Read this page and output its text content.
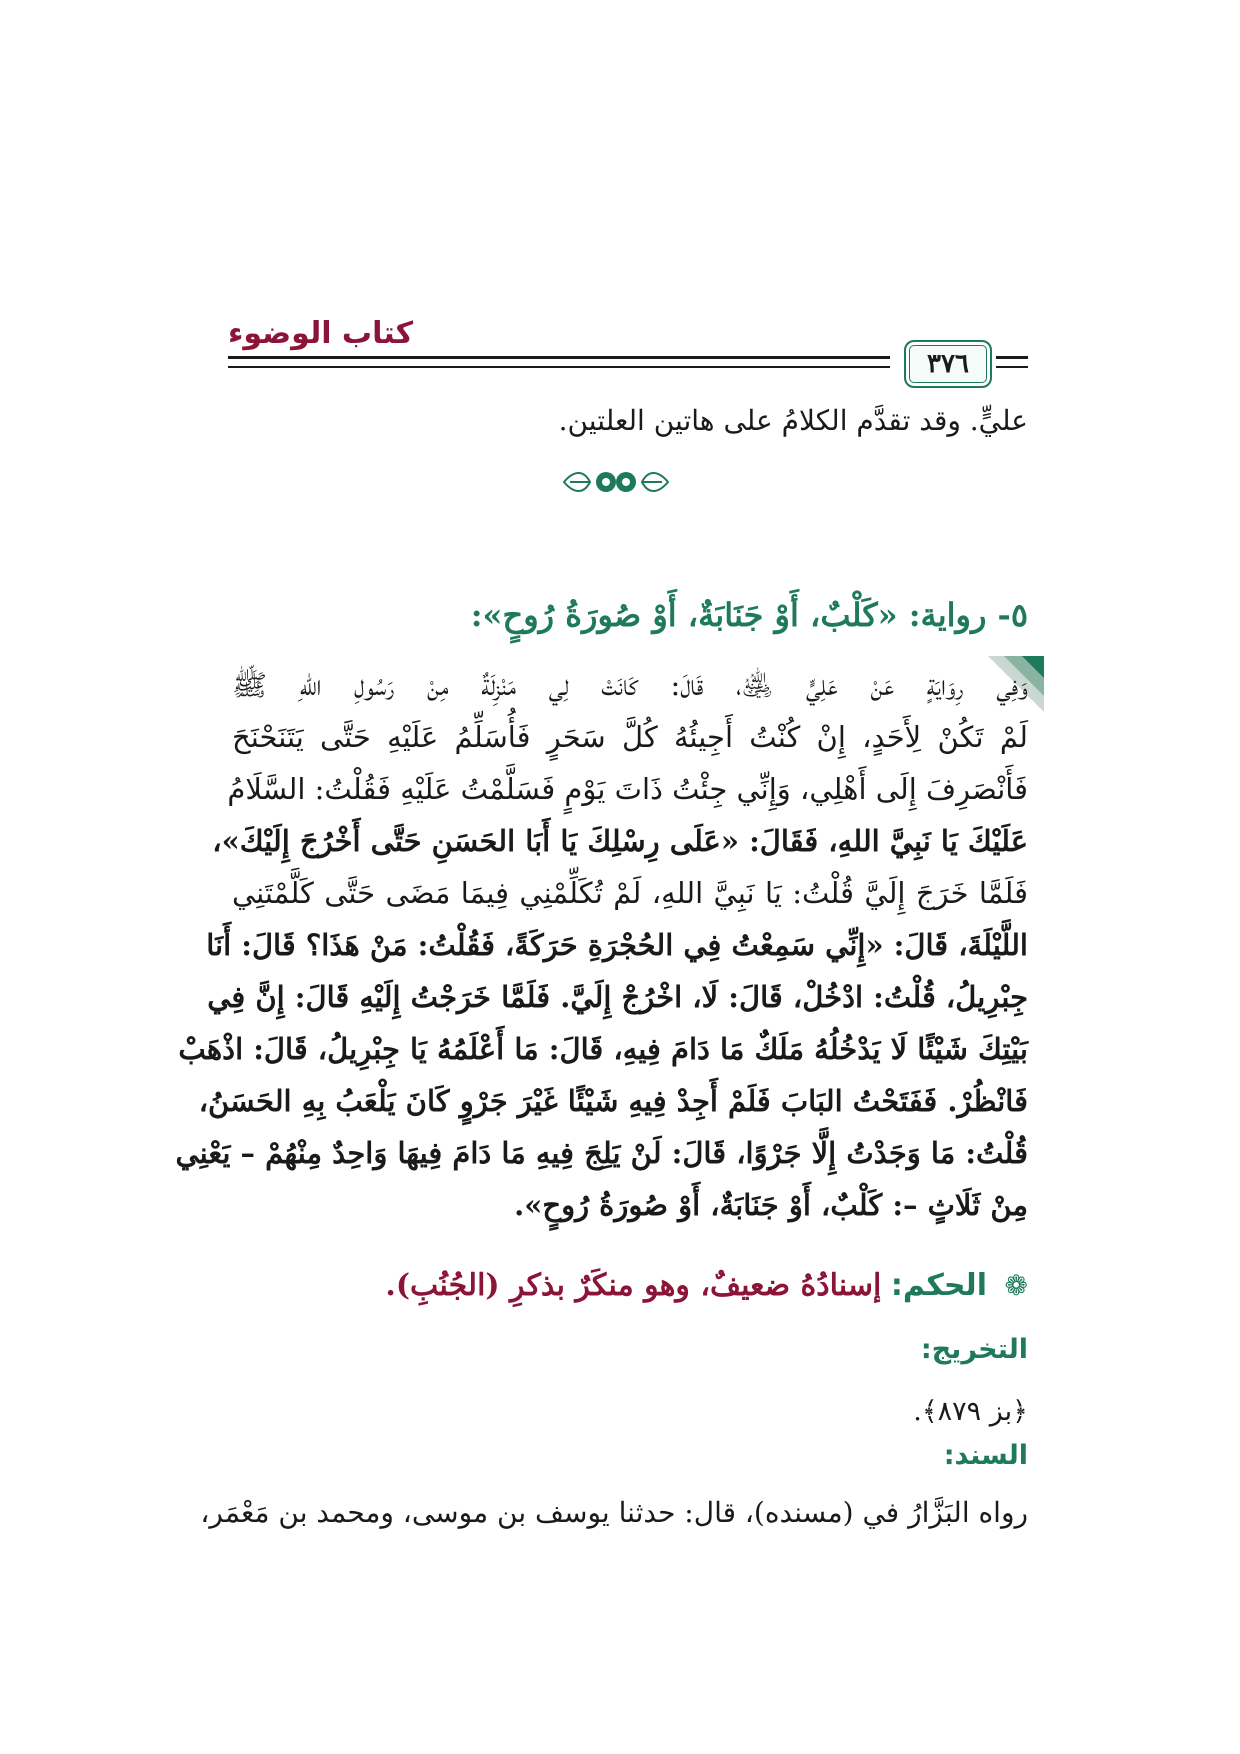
كتاب الوضوء
٣٧٦
عليٍّ. وقد تقدَّم الكلامُ على هاتين العلتين.
٥- رواية: «كَلْبٌ، أَوْ جَنَابَةٌ، أَوْ صُورَةُ رُوحٍ»:
وَفِي رِوَايَةٍ عَنْ عَلِيٍّ ﵁، قَالَ: كَانَتْ لِي مَنْزِلَةٌ مِنْ رَسُولِ اللهِ ﷺ
لَمْ تَكُنْ لِأَحَدٍ، إِنْ كُنْتُ أَجِيئُهُ كُلَّ سَحَرٍ فَأُسَلِّمُ عَلَيْهِ حَتَّى يَتَنَحْنَحَ
فَأَنْصَرِفَ إِلَى أَهْلِي، وَإِنِّي جِئْتُ ذَاتَ يَوْمٍ فَسَلَّمْتُ عَلَيْهِ فَقُلْتُ: السَّلَامُ
عَلَيْكَ يَا نَبِيَّ اللهِ، فَقَالَ: «عَلَى رِسْلِكَ يَا أَبَا الحَسَنِ حَتَّى أَخْرُجَ إِلَيْكَ»،
فَلَمَّا خَرَجَ إِلَيَّ قُلْتُ: يَا نَبِيَّ اللهِ، لَمْ تُكَلِّمْنِي فِيمَا مَضَى حَتَّى كَلَّمْتَنِي
اللَّيْلَةَ، قَالَ: «إِنِّي سَمِعْتُ فِي الحُجْرَةِ حَرَكَةً، فَقُلْتُ: مَنْ هَذَا؟ قَالَ: أَنَا
جِبْرِيلُ، قُلْتُ: ادْخُلْ، قَالَ: لَا، اخْرُجْ إِلَيَّ. فَلَمَّا خَرَجْتُ إِلَيْهِ قَالَ: إِنَّ فِي
بَيْتِكَ شَيْئًا لَا يَدْخُلُهُ مَلَكٌ مَا دَامَ فِيهِ، قَالَ: مَا أَعْلَمُهُ يَا جِبْرِيلُ، قَالَ: اذْهَبْ
فَانْظُرْ. فَفَتَحْتُ البَابَ فَلَمْ أَجِدْ فِيهِ شَيْئًا غَيْرَ جَرْوٍ كَانَ يَلْعَبُ بِهِ الحَسَنُ،
قُلْتُ: مَا وَجَدْتُ إِلَّا جَرْوًا، قَالَ: لَنْ يَلِجَ فِيهِ مَا دَامَ فِيهَا وَاحِدٌ مِنْهُمْ – يَعْنِي
مِنْ ثَلَاثٍ –: كَلْبٌ، أَوْ جَنَابَةٌ، أَوْ صُورَةُ رُوحٍ».
❁ الحكم: إسنادُهُ ضعيفٌ، وهو منكَرٌ بذكرِ (الجُنُبِ).
التخريج:
﴿بز ٨٧٩﴾.
السند:
رواه البَزَّارُ في (مسنده)، قال: حدثنا يوسف بن موسى، ومحمد بن مَعْمَر،
